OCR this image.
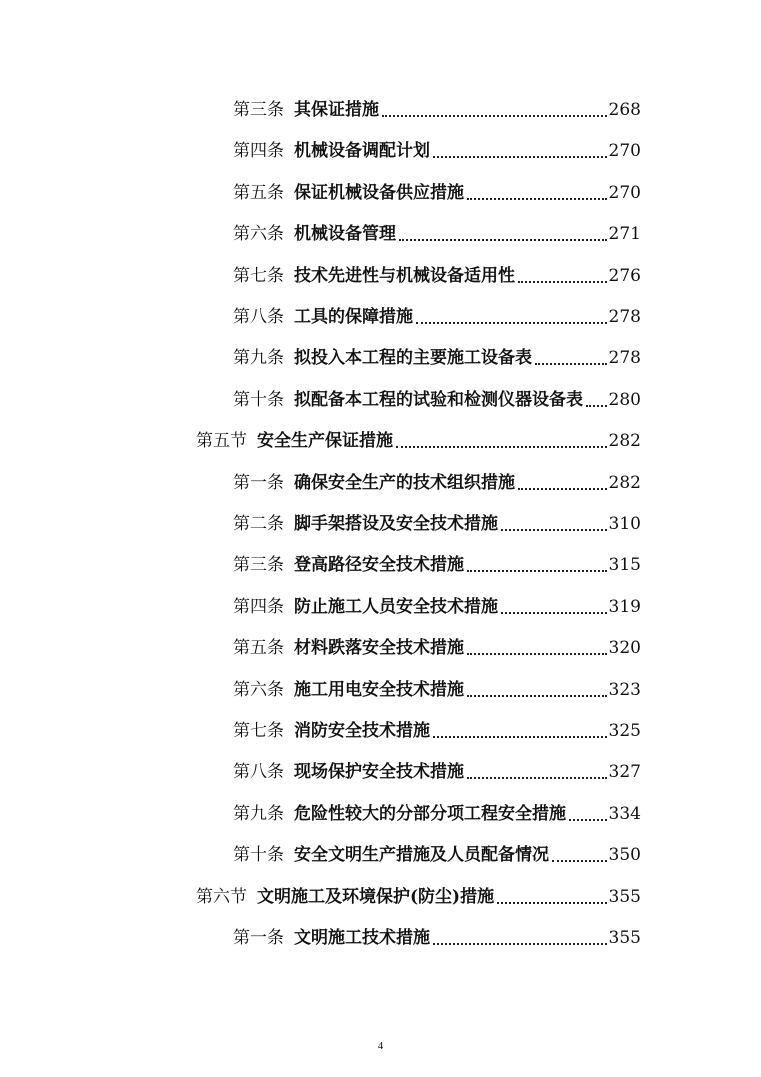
第三条 其保证措施	268
第四条 机械设备调配计划	270
第五条 保证机械设备供应措施	270
第六条 机械设备管理	271
第七条 技术先进性与机械设备适用性	276
第八条 工具的保障措施	278
第九条 拟投入本工程的主要施工设备表	278
第十条 拟配备本工程的试验和检测仪器设备表 280
第五节 安全生产保证措施	282
第一条 确保安全生产的技术组织措施	282
第二条 脚手架搭设及安全技术措施	310
第三条 登高路径安全技术措施	315
第四条 防止施工人员安全技术措施	319
第五条 材料跌落安全技术措施	320
第六条 施工用电安全技术措施	323
第七条 消防安全技术措施	325
第八条 现场保护安全技术措施	327
第九条 危险性较大的分部分项工程安全措施	334
第十条 安全文明生产措施及人员配备情况	350
第六节 文明施工及环境保护(防尘)措施	355
第一条 文明施工技术措施	355
4
